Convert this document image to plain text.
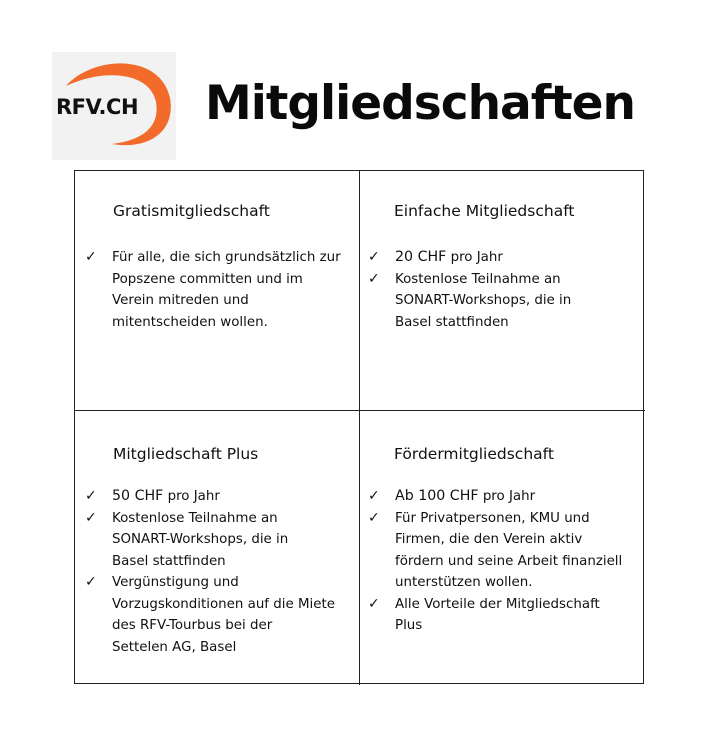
RFV.CH Mitgliedschaften
Gratismitgliedschaft
✓	Für alle, die sich grundsätzlich zur
Popszene committen und im
Verein mitreden und
mitentscheiden wollen.
Einfache Mitgliedschaft
✓	20 CHF pro Jahr
✓	Kostenlose Teilnahme an
SONART-Workshops, die in
Basel stattfinden
Mitgliedschaft Plus
✓	50 CHF pro Jahr
✓	Kostenlose Teilnahme an
SONART-Workshops, die in
Basel stattfinden
✓	Vergünstigung und
Vorzugskonditionen auf die Miete
des RFV-Tourbus bei der
Settelen AG, Basel
Fördermitgliedschaft
✓	Ab 100 CHF pro Jahr
✓	Für Privatpersonen, KMU und
Firmen, die den Verein aktiv
fördern und seine Arbeit finanziell
unterstützen wollen.
✓	Alle Vorteile der Mitgliedschaft
Plus
